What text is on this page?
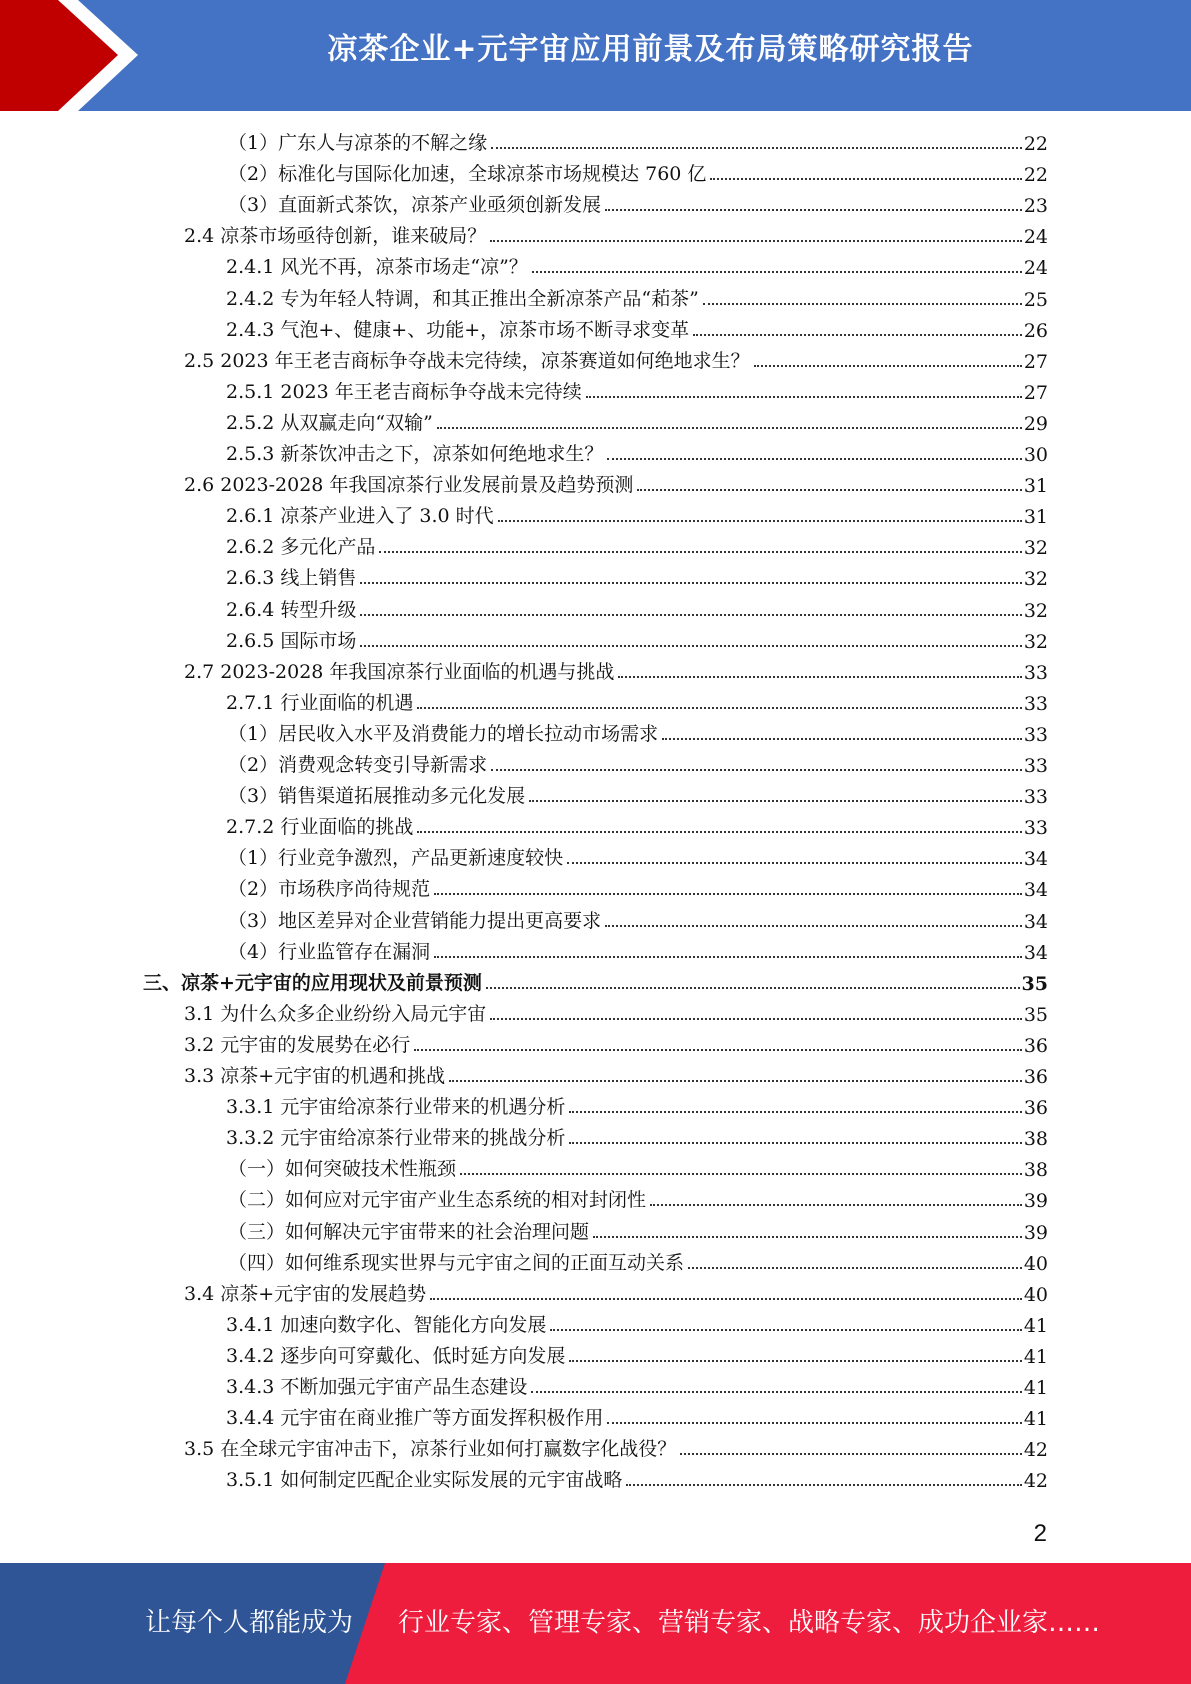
凉茶企业+元宇宙应用前景及布局策略研究报告
（1）广东人与凉茶的不解之缘	22
（2）标准化与国际化加速，全球凉茶市场规模达 760 亿	22
（3）直面新式茶饮，凉茶产业亟须创新发展	23
2.4 凉茶市场亟待创新，谁来破局？	24
2.4.1 风光不再，凉茶市场走“凉”？	24
2.4.2 专为年轻人特调，和其正推出全新凉茶产品“萂茶”	25
2.4.3 气泡+、健康+、功能+，凉茶市场不断寻求变革	26
2.5 2023 年王老吉商标争夺战未完待续，凉茶赛道如何绝地求生？	27
2.5.1 2023 年王老吉商标争夺战未完待续	27
2.5.2 从双赢走向“双输”	29
2.5.3 新茶饮冲击之下，凉茶如何绝地求生？	30
2.6 2023-2028 年我国凉茶行业发展前景及趋势预测	31
2.6.1 凉茶产业进入了 3.0 时代	31
2.6.2 多元化产品	32
2.6.3 线上销售	32
2.6.4 转型升级	32
2.6.5 国际市场	32
2.7 2023-2028 年我国凉茶行业面临的机遇与挑战	33
2.7.1 行业面临的机遇	33
（1）居民收入水平及消费能力的增长拉动市场需求	33
（2）消费观念转变引导新需求	33
（3）销售渠道拓展推动多元化发展	33
2.7.2 行业面临的挑战	33
（1）行业竞争激烈，产品更新速度较快	34
（2）市场秩序尚待规范	34
（3）地区差异对企业营销能力提出更高要求	34
（4）行业监管存在漏洞	34
三、凉茶+元宇宙的应用现状及前景预测	35
3.1 为什么众多企业纷纷入局元宇宙	35
3.2 元宇宙的发展势在必行	36
3.3 凉茶+元宇宙的机遇和挑战	36
3.3.1 元宇宙给凉茶行业带来的机遇分析	36
3.3.2 元宇宙给凉茶行业带来的挑战分析	38
（一）如何突破技术性瓶颈	38
（二）如何应对元宇宙产业生态系统的相对封闭性	39
（三）如何解决元宇宙带来的社会治理问题	39
（四）如何维系现实世界与元宇宙之间的正面互动关系	40
3.4 凉茶+元宇宙的发展趋势	40
3.4.1 加速向数字化、智能化方向发展	41
3.4.2 逐步向可穿戴化、低时延方向发展	41
3.4.3 不断加强元宇宙产品生态建设	41
3.4.4 元宇宙在商业推广等方面发挥积极作用	41
3.5 在全球元宇宙冲击下，凉茶行业如何打赢数字化战役？	42
3.5.1 如何制定匹配企业实际发展的元宇宙战略	42
2
让每个人都能成为 行业专家、管理专家、营销专家、战略专家、成功企业家……
